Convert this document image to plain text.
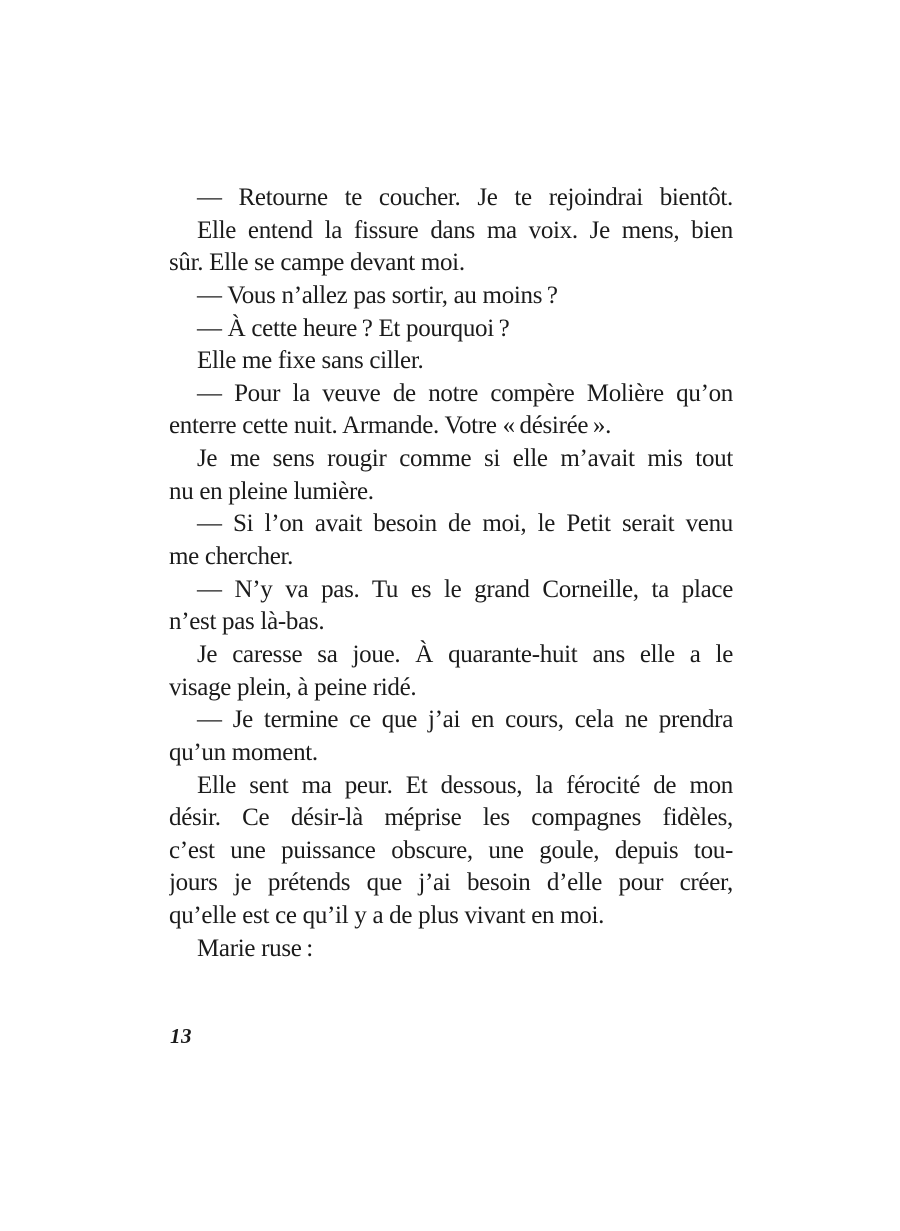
— Retourne te coucher. Je te rejoindrai bientôt.
Elle entend la fissure dans ma voix. Je mens, bien
sûr. Elle se campe devant moi.
— Vous n’allez pas sortir, au moins ?
— À cette heure ? Et pourquoi ?
Elle me fixe sans ciller.
— Pour la veuve de notre compère Molière qu’on
enterre cette nuit. Armande. Votre « désirée ».
Je me sens rougir comme si elle m’avait mis tout
nu en pleine lumière.
— Si l’on avait besoin de moi, le Petit serait venu
me chercher.
— N’y va pas. Tu es le grand Corneille, ta place
n’est pas là-bas.
Je caresse sa joue. À quarante-huit ans elle a le
visage plein, à peine ridé.
— Je termine ce que j’ai en cours, cela ne prendra
qu’un moment.
Elle sent ma peur. Et dessous, la férocité de mon
désir. Ce désir-là méprise les compagnes fidèles,
c’est une puissance obscure, une goule, depuis tou-
jours je prétends que j’ai besoin d’elle pour créer,
qu’elle est ce qu’il y a de plus vivant en moi.
Marie ruse :
13
